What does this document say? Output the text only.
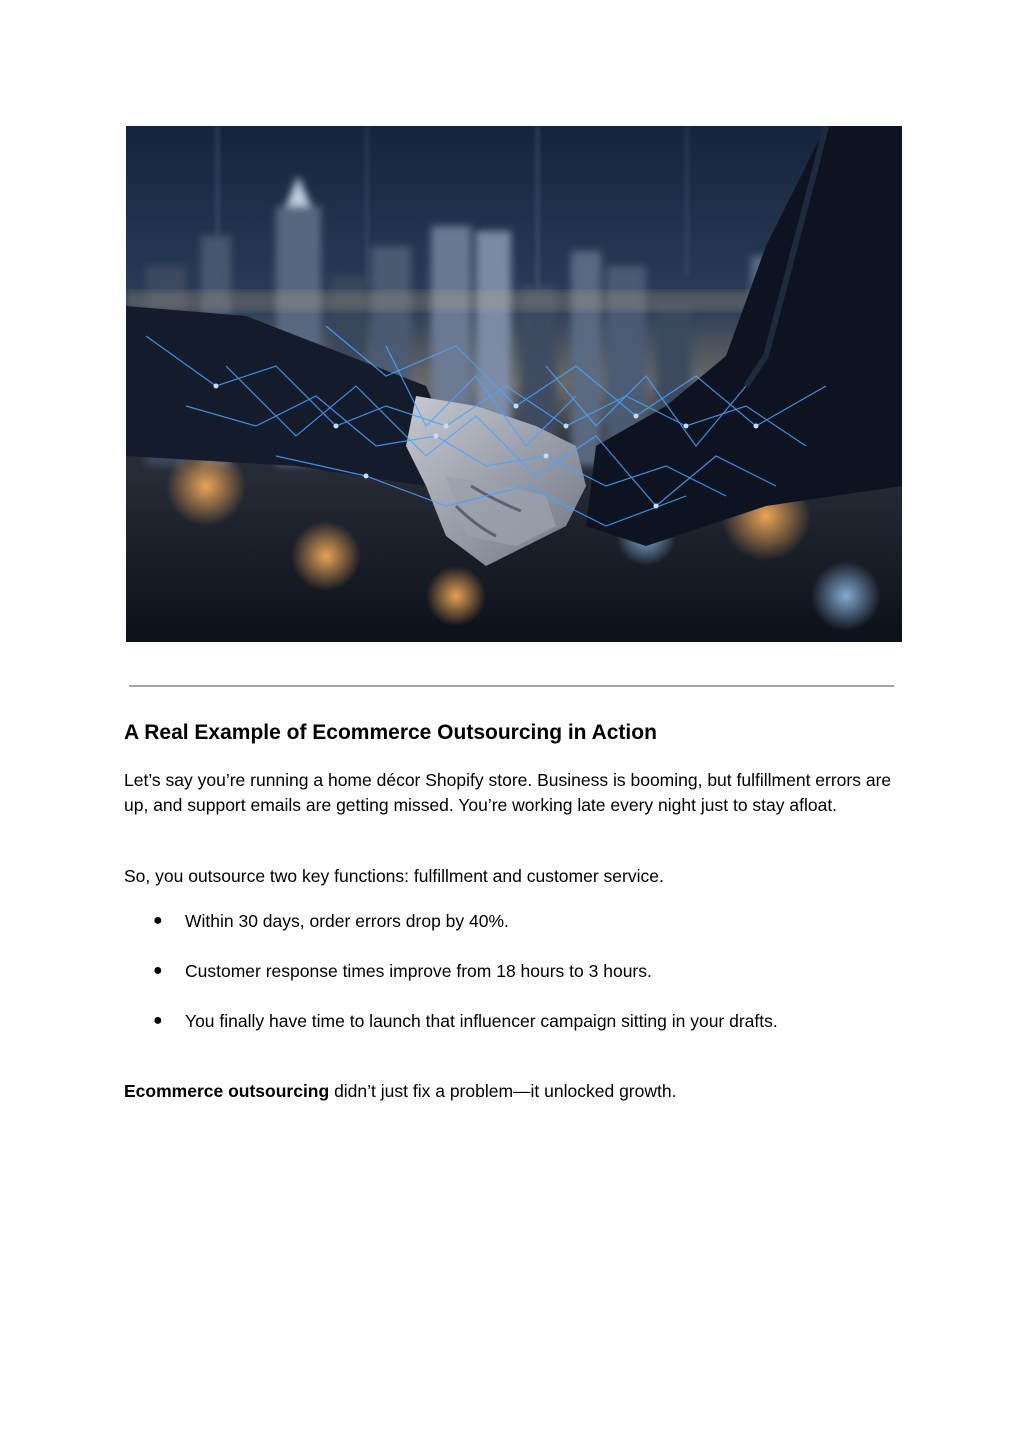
A Real Example of Ecommerce Outsourcing in Action

Let’s say you’re running a home décor Shopify store. Business is booming, but fulfillment errors are up, and support emails are getting missed. You’re working late every night just to stay afloat.

So, you outsource two key functions: fulfillment and customer service.

● Within 30 days, order errors drop by 40%.
● Customer response times improve from 18 hours to 3 hours.
● You finally have time to launch that influencer campaign sitting in your drafts.

Ecommerce outsourcing didn’t just fix a problem—it unlocked growth.
